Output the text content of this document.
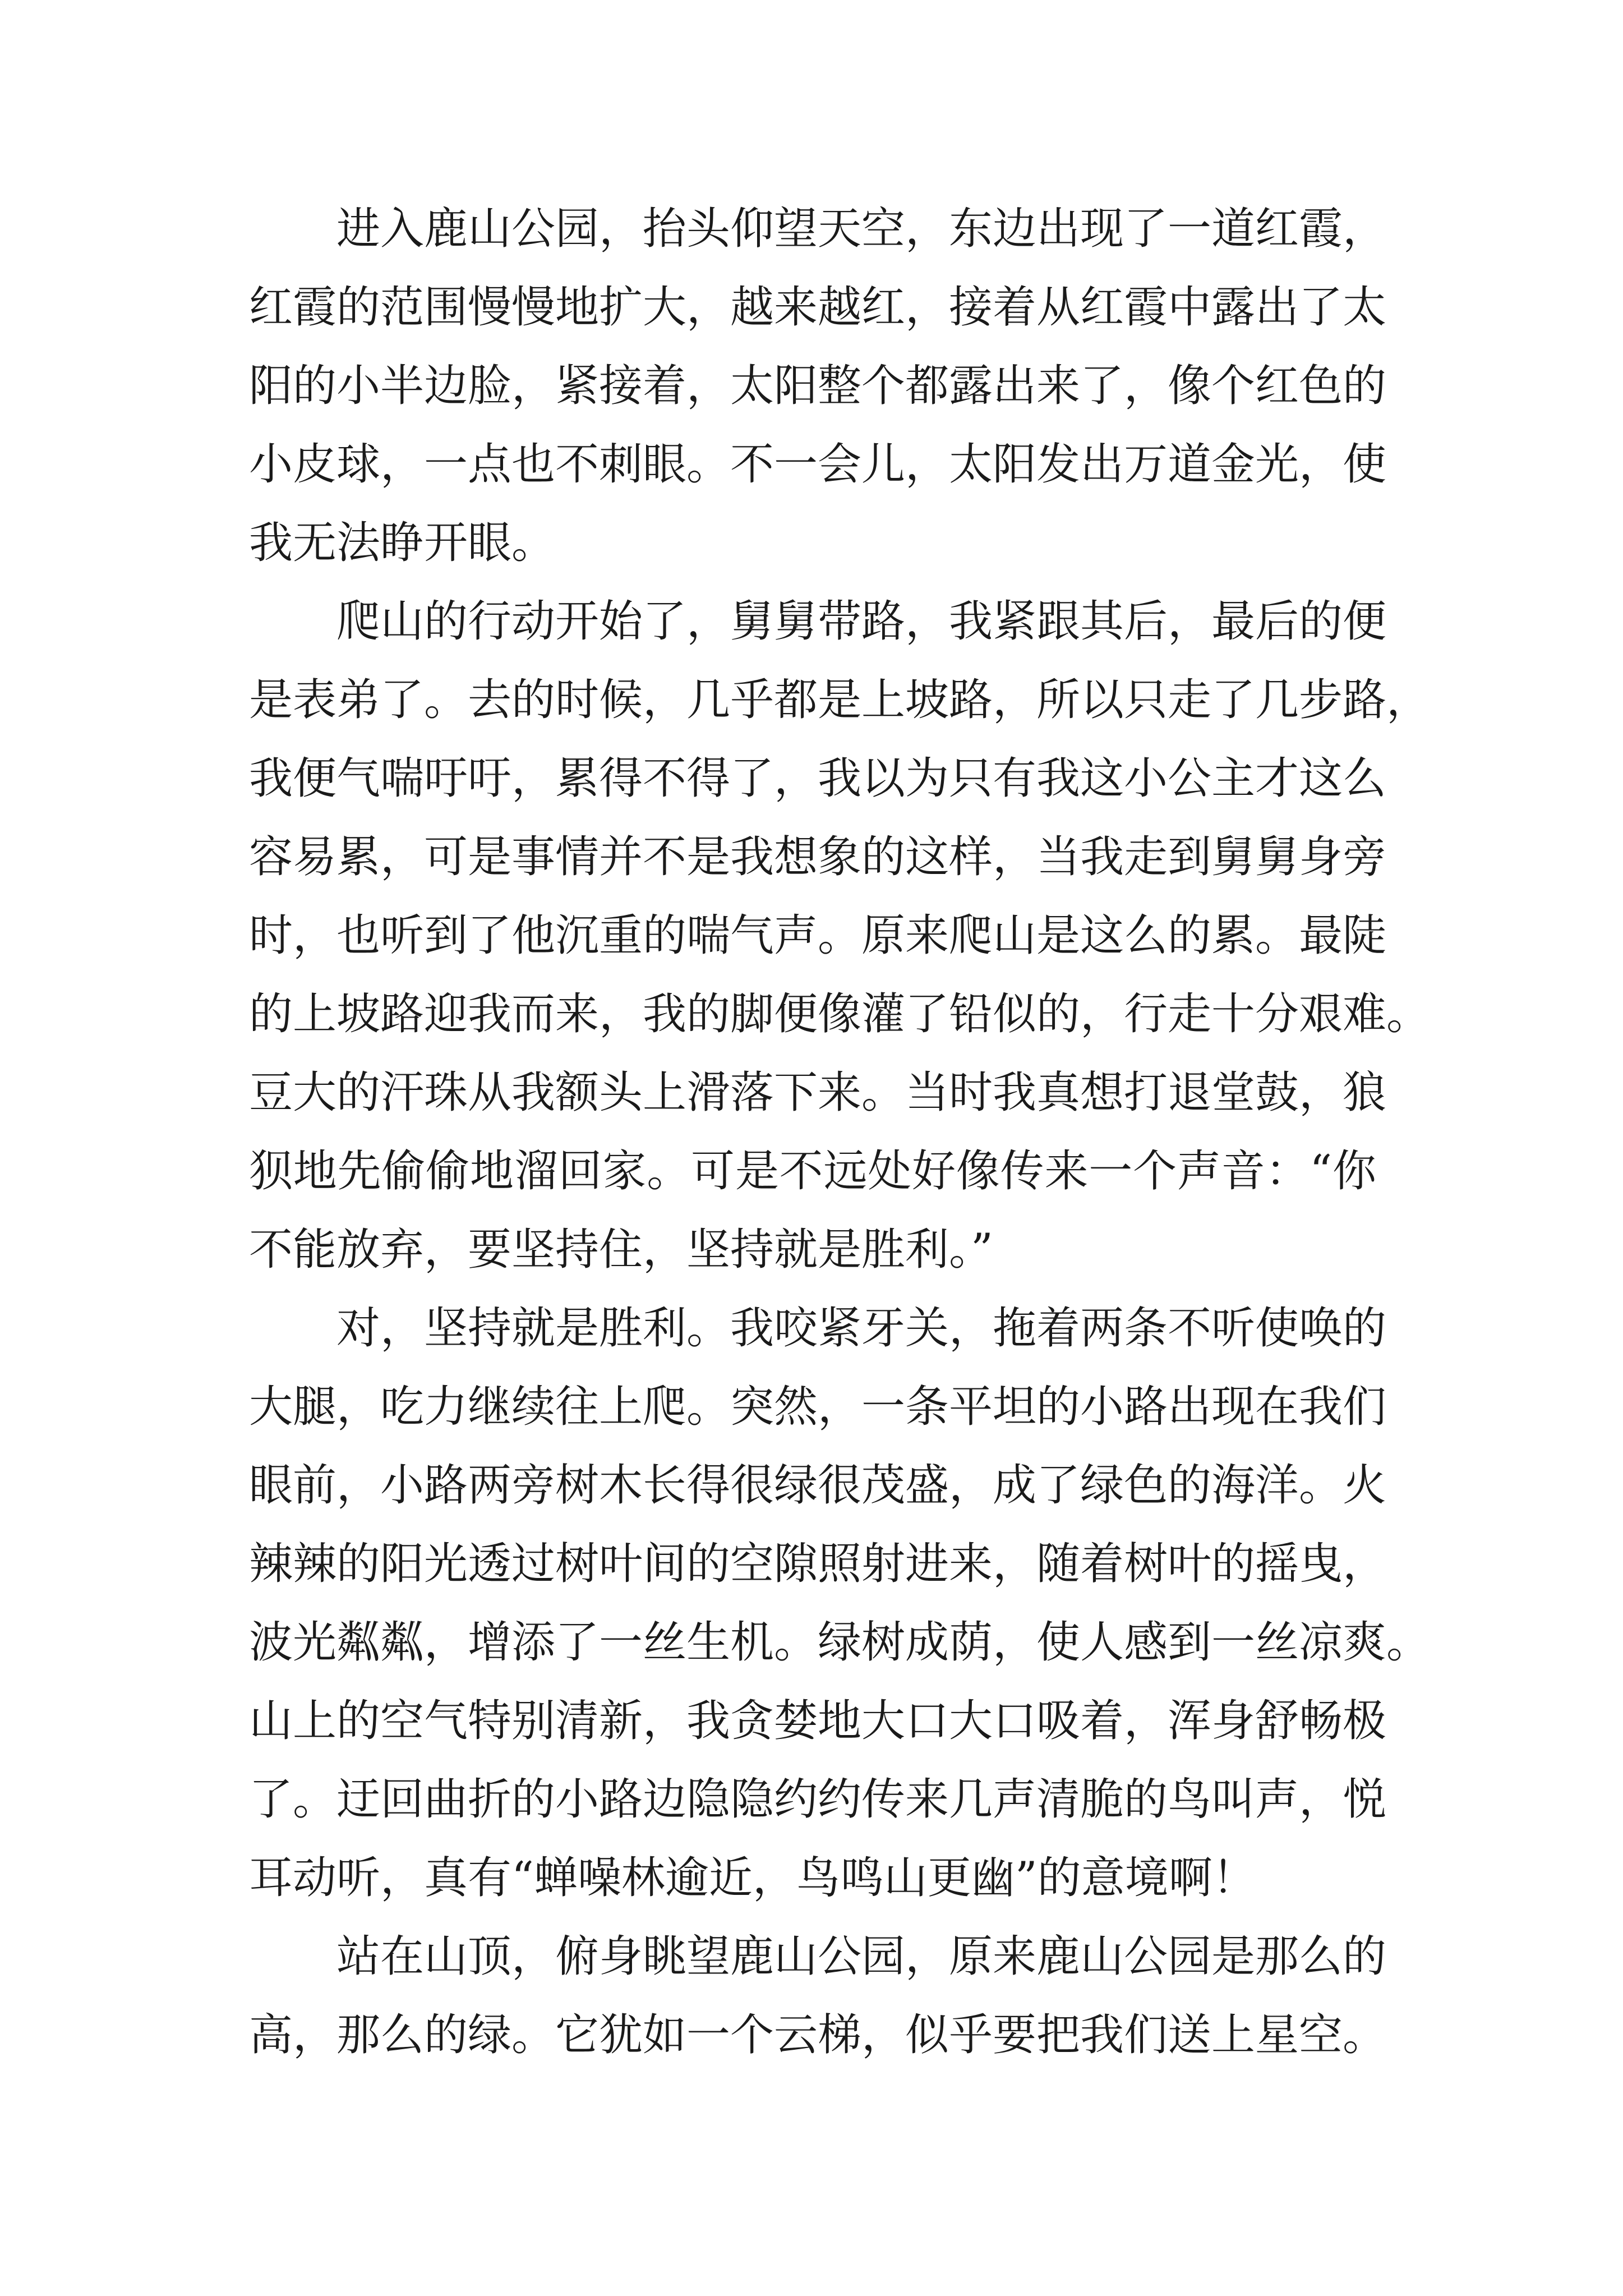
进入鹿山公园，抬头仰望天空，东边出现了一道红霞，
红霞的范围慢慢地扩大，越来越红，接着从红霞中露出了太
阳的小半边脸，紧接着，太阳整个都露出来了，像个红色的
小皮球，一点也不刺眼。不一会儿，太阳发出万道金光，使
我无法睁开眼。

爬山的行动开始了，舅舅带路，我紧跟其后，最后的便
是表弟了。去的时候，几乎都是上坡路，所以只走了几步路，
我便气喘吁吁，累得不得了，我以为只有我这小公主才这么
容易累，可是事情并不是我想象的这样，当我走到舅舅身旁
时，也听到了他沉重的喘气声。原来爬山是这么的累。最陡
的上坡路迎我而来，我的脚便像灌了铅似的，行走十分艰难。
豆大的汗珠从我额头上滑落下来。当时我真想打退堂鼓，狼
狈地先偷偷地溜回家。可是不远处好像传来一个声音：“你
不能放弃，要坚持住，坚持就是胜利。”

对，坚持就是胜利。我咬紧牙关，拖着两条不听使唤的
大腿，吃力继续往上爬。突然，一条平坦的小路出现在我们
眼前，小路两旁树木长得很绿很茂盛，成了绿色的海洋。火
辣辣的阳光透过树叶间的空隙照射进来，随着树叶的摇曳，
波光粼粼，增添了一丝生机。绿树成荫，使人感到一丝凉爽。
山上的空气特别清新，我贪婪地大口大口吸着，浑身舒畅极
了。迂回曲折的小路边隐隐约约传来几声清脆的鸟叫声，悦
耳动听，真有“蝉噪林逾近，鸟鸣山更幽”的意境啊！

站在山顶，俯身眺望鹿山公园，原来鹿山公园是那么的
高，那么的绿。它犹如一个云梯，似乎要把我们送上星空。
